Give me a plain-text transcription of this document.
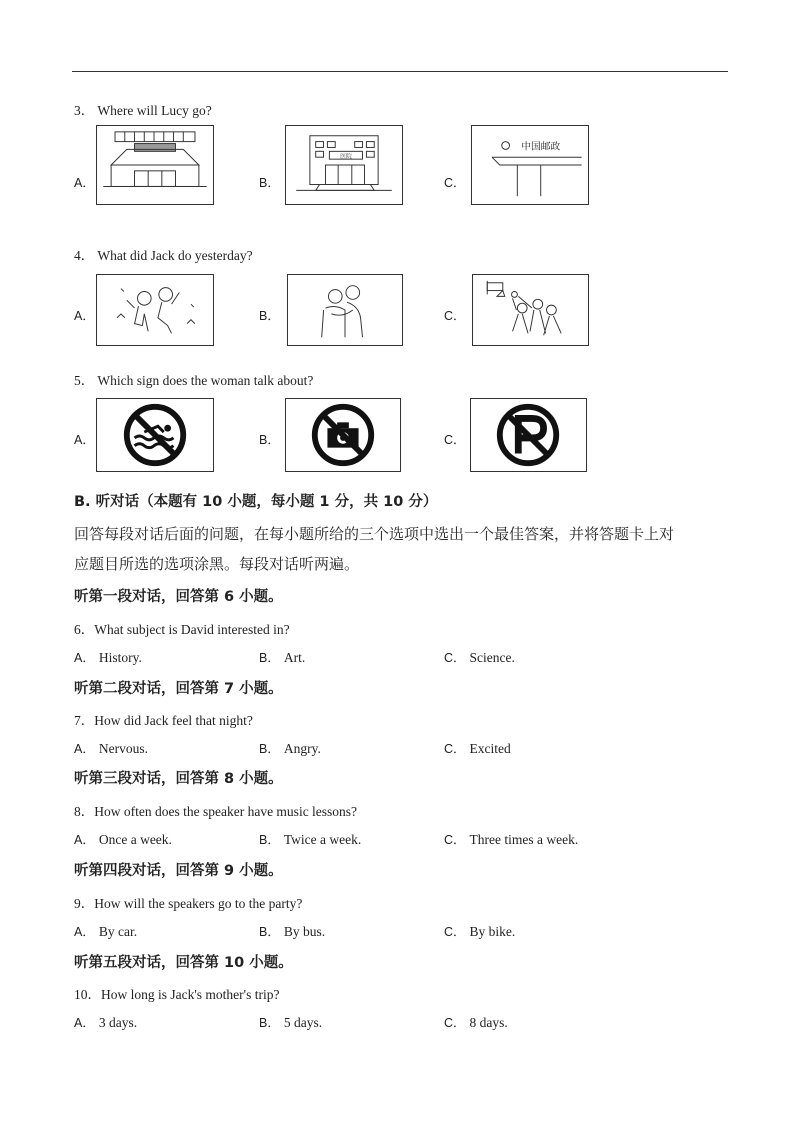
3． Where will Lucy go?
A．	B．
医院
C．
中国邮政
4． What did Jack do yesterday?
A．	B．	C．
5． Which sign does the woman talk about?
A．	B．	C．
B. 听对话（本题有 10 小题，每小题 1 分，共 10 分）
回答每段对话后面的问题，在每小题所给的三个选项中选出一个最佳答案，并将答题卡上对
应题目所选的选项涂黑。每段对话听两遍。
听第一段对话，回答第 6 小题。
6．What subject is David interested in?
A． History.	B． Art.	C． Science.
听第二段对话，回答第 7 小题。
7．How did Jack feel that night?
A． Nervous.	B． Angry.	C． Excited
听第三段对话，回答第 8 小题。
8．How often does the speaker have music lessons?
A． Once a week.	B． Twice a week.	C． Three times a week.
听第四段对话，回答第 9 小题。
9．How will the speakers go to the party?
A． By car.	B． By bus.	C． By bike.
听第五段对话，回答第 10 小题。
10．How long is Jack's mother's trip?
A． 3 days.	B． 5 days.	C． 8 days.
